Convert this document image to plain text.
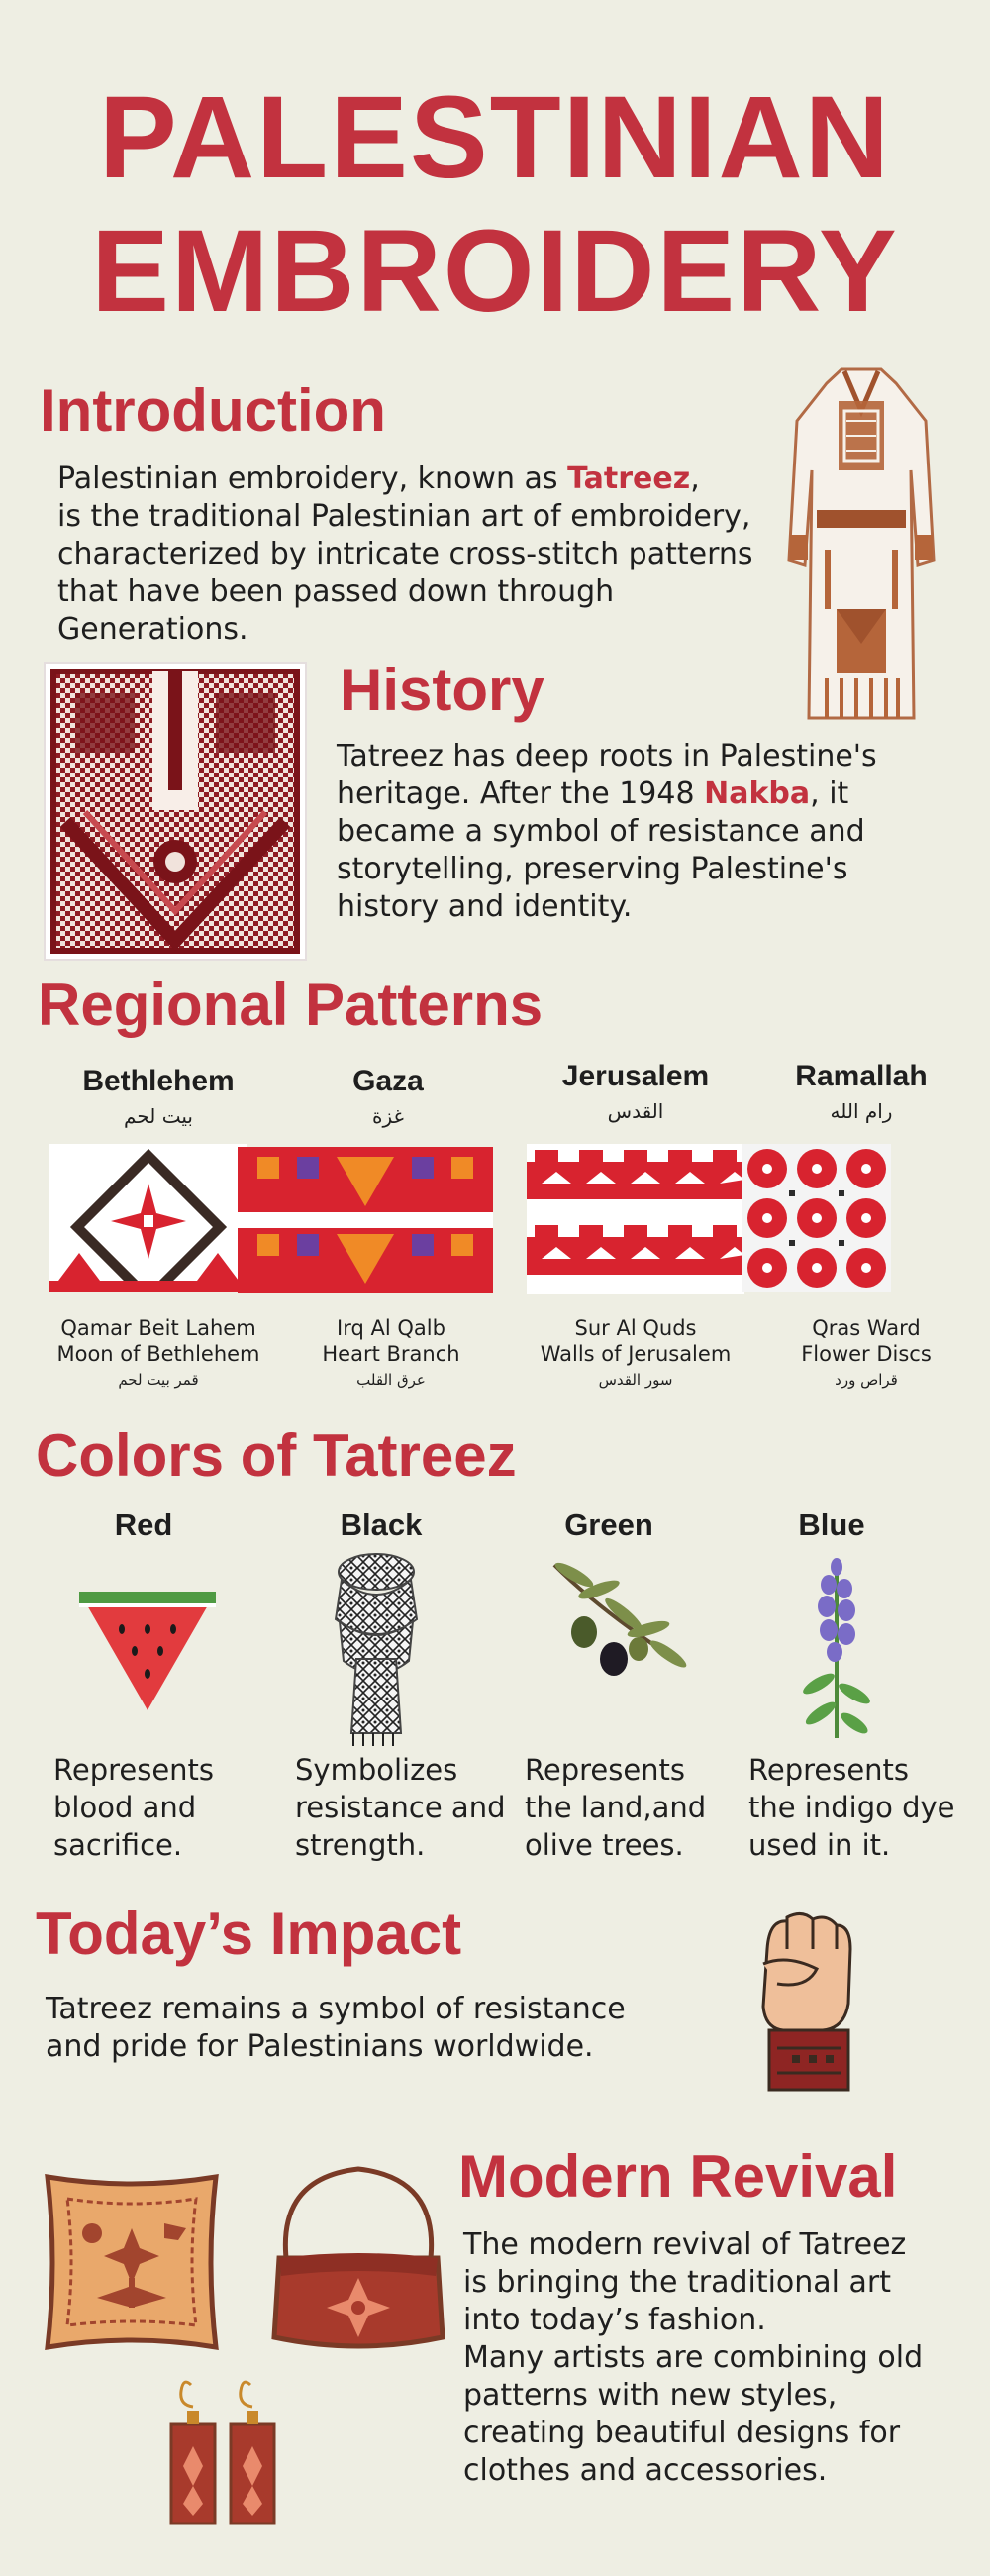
PALESTINIAN
EMBROIDERY
Introduction
Palestinian embroidery, known as Tatreez,
is the traditional Palestinian art of embroidery, characterized by intricate cross-stitch patterns that have been passed down through Generations.
History
Tatreez has deep roots in Palestine's heritage. After the 1948 Nakba, it became a symbol of resistance and storytelling, preserving Palestine's history and identity.
Regional Patterns
Bethlehem
بيت لحم
Qamar Beit Lahem
Moon of Bethlehem
قمر بيت لحم
Gaza
غزة
Irq Al Qalb
Heart Branch
عرق القلب
Jerusalem
القدس
Sur Al Quds
Walls of Jerusalem
سور القدس
Ramallah
رام الله
Qras Ward
Flower Discs
قراص ورد
Colors of Tatreez
Red	Black	Green	Blue
Represents blood and sacrifice.
Symbolizes resistance and strength.
Represents the land,and olive trees.
Represents the indigo dye used in it.
Today’s Impact
Tatreez remains a symbol of resistance and pride for Palestinians worldwide.
Modern Revival
The modern revival of Tatreez is bringing the traditional art into today’s fashion.
Many artists are combining old patterns with new styles, creating beautiful designs for clothes and accessories.
